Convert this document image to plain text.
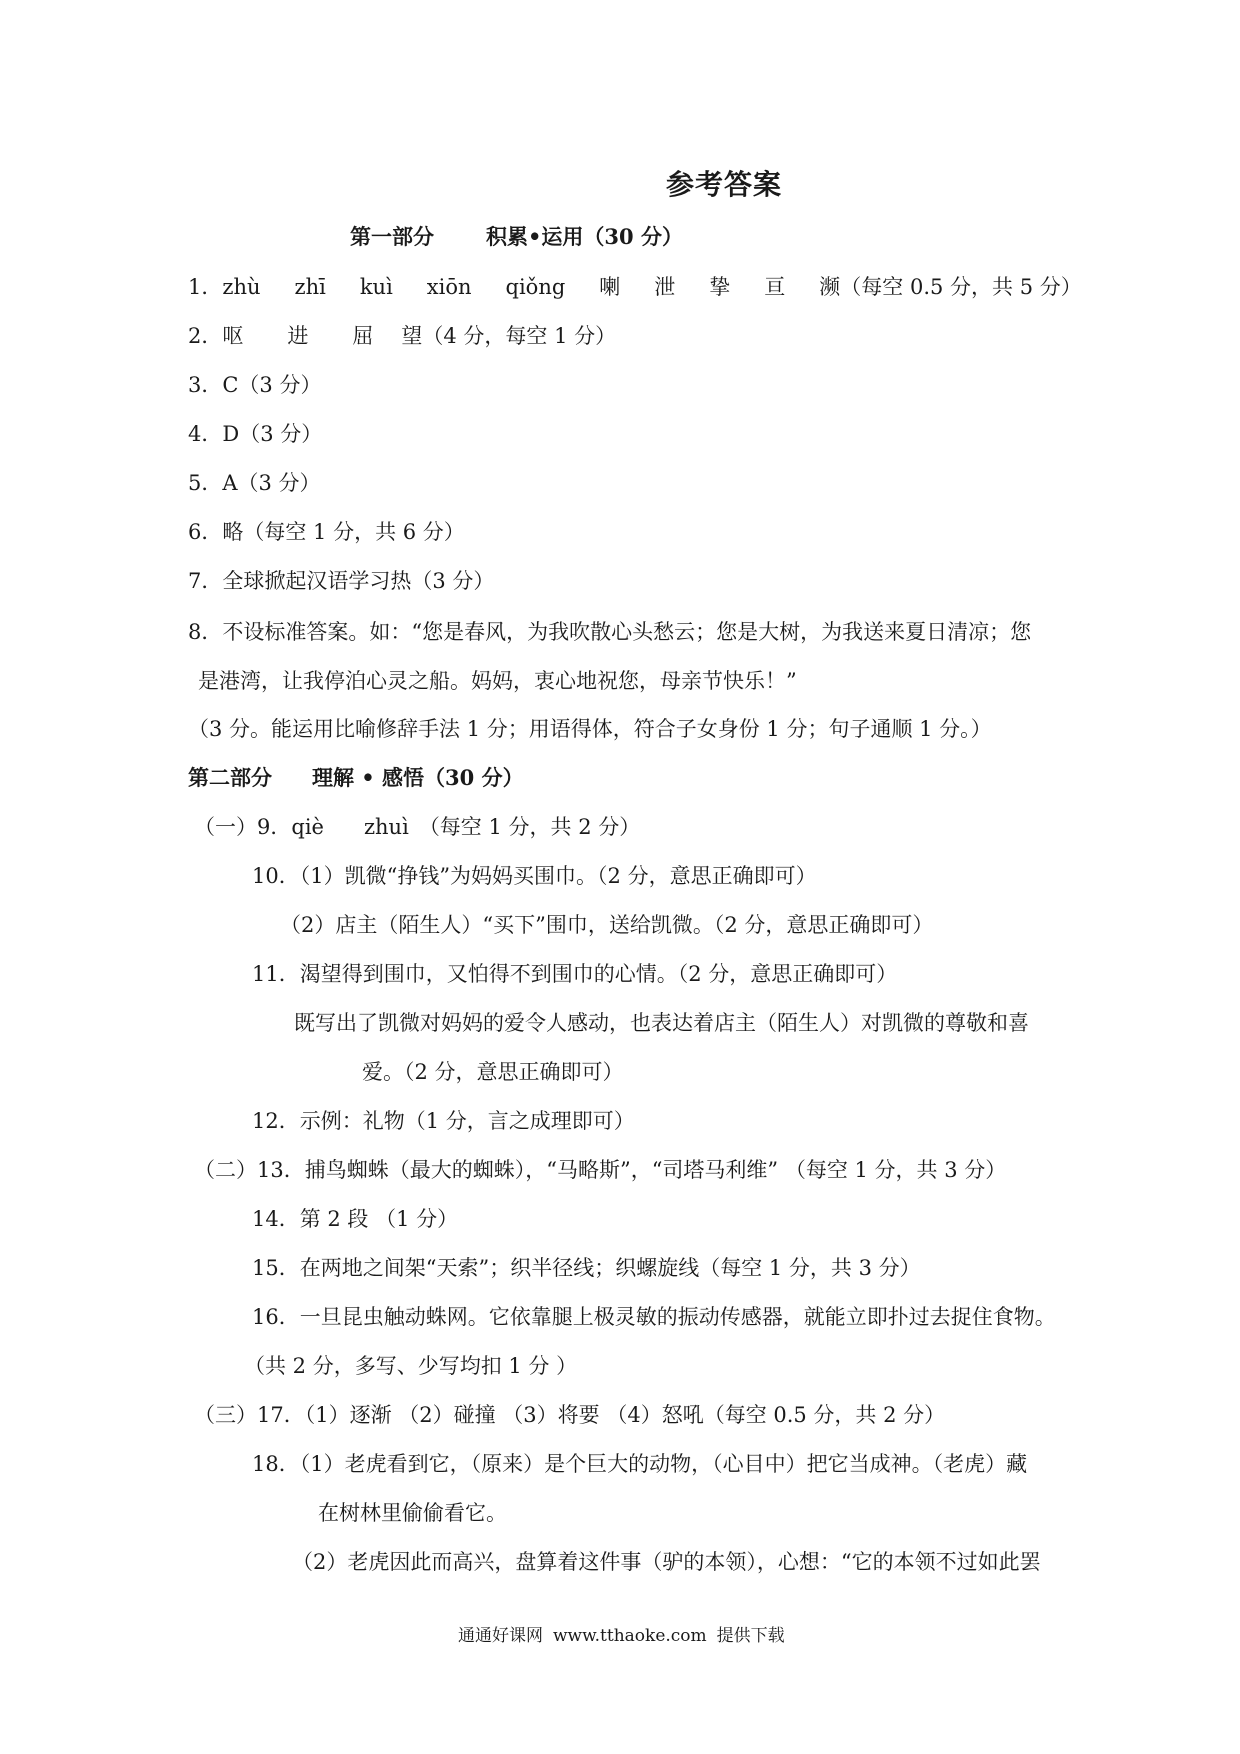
参考答案
第一部分 积累•运用（30 分）
1．zhù zhī kuì xiōn qiǒng 喇 泄 挚 亘 濒（每空 0.5 分，共 5 分）
2．呕 进 屈 望（4 分，每空 1 分）
3．C（3 分）
4．D（3 分）
5．A（3 分）
6．略（每空 1 分，共 6 分）
7．全球掀起汉语学习热（3 分）
8．不设标准答案。如：“您是春风，为我吹散心头愁云；您是大树，为我送来夏日清凉；您
是港湾，让我停泊心灵之船。妈妈，衷心地祝您，母亲节快乐！”
（3 分。能运用比喻修辞手法 1 分；用语得体，符合子女身份 1 分；句子通顺 1 分。）
第二部分 理解 • 感悟（30 分）
（一）9．qiè zhuì （每空 1 分，共 2 分）
10．（1）凯微“挣钱”为妈妈买围巾。（2 分，意思正确即可）
（2）店主（陌生人）“买下”围巾，送给凯微。（2 分，意思正确即可）
11．渴望得到围巾，又怕得不到围巾的心情。（2 分，意思正确即可）
既写出了凯微对妈妈的爱令人感动，也表达着店主（陌生人）对凯微的尊敬和喜
爱。（2 分，意思正确即可）
12．示例：礼物（1 分，言之成理即可）
（二）13．捕鸟蜘蛛（最大的蜘蛛），“马略斯”，“司塔马利维” （每空 1 分，共 3 分）
14．第 2 段 （1 分）
15．在两地之间架“天索”；织半径线；织螺旋线（每空 1 分，共 3 分）
16．一旦昆虫触动蛛网。它依靠腿上极灵敏的振动传感器，就能立即扑过去捉住食物。
（共 2 分，多写、少写均扣 1 分 ）
（三）17．（1）逐渐 （2）碰撞 （3）将要 （4）怒吼（每空 0.5 分，共 2 分）
18．（1）老虎看到它，（原来）是个巨大的动物，（心目中）把它当成神。（老虎）藏
在树林里偷偷看它。
（2）老虎因此而高兴，盘算着这件事（驴的本领），心想：“它的本领不过如此罢
通通好课网 www.tthaoke.com 提供下载
